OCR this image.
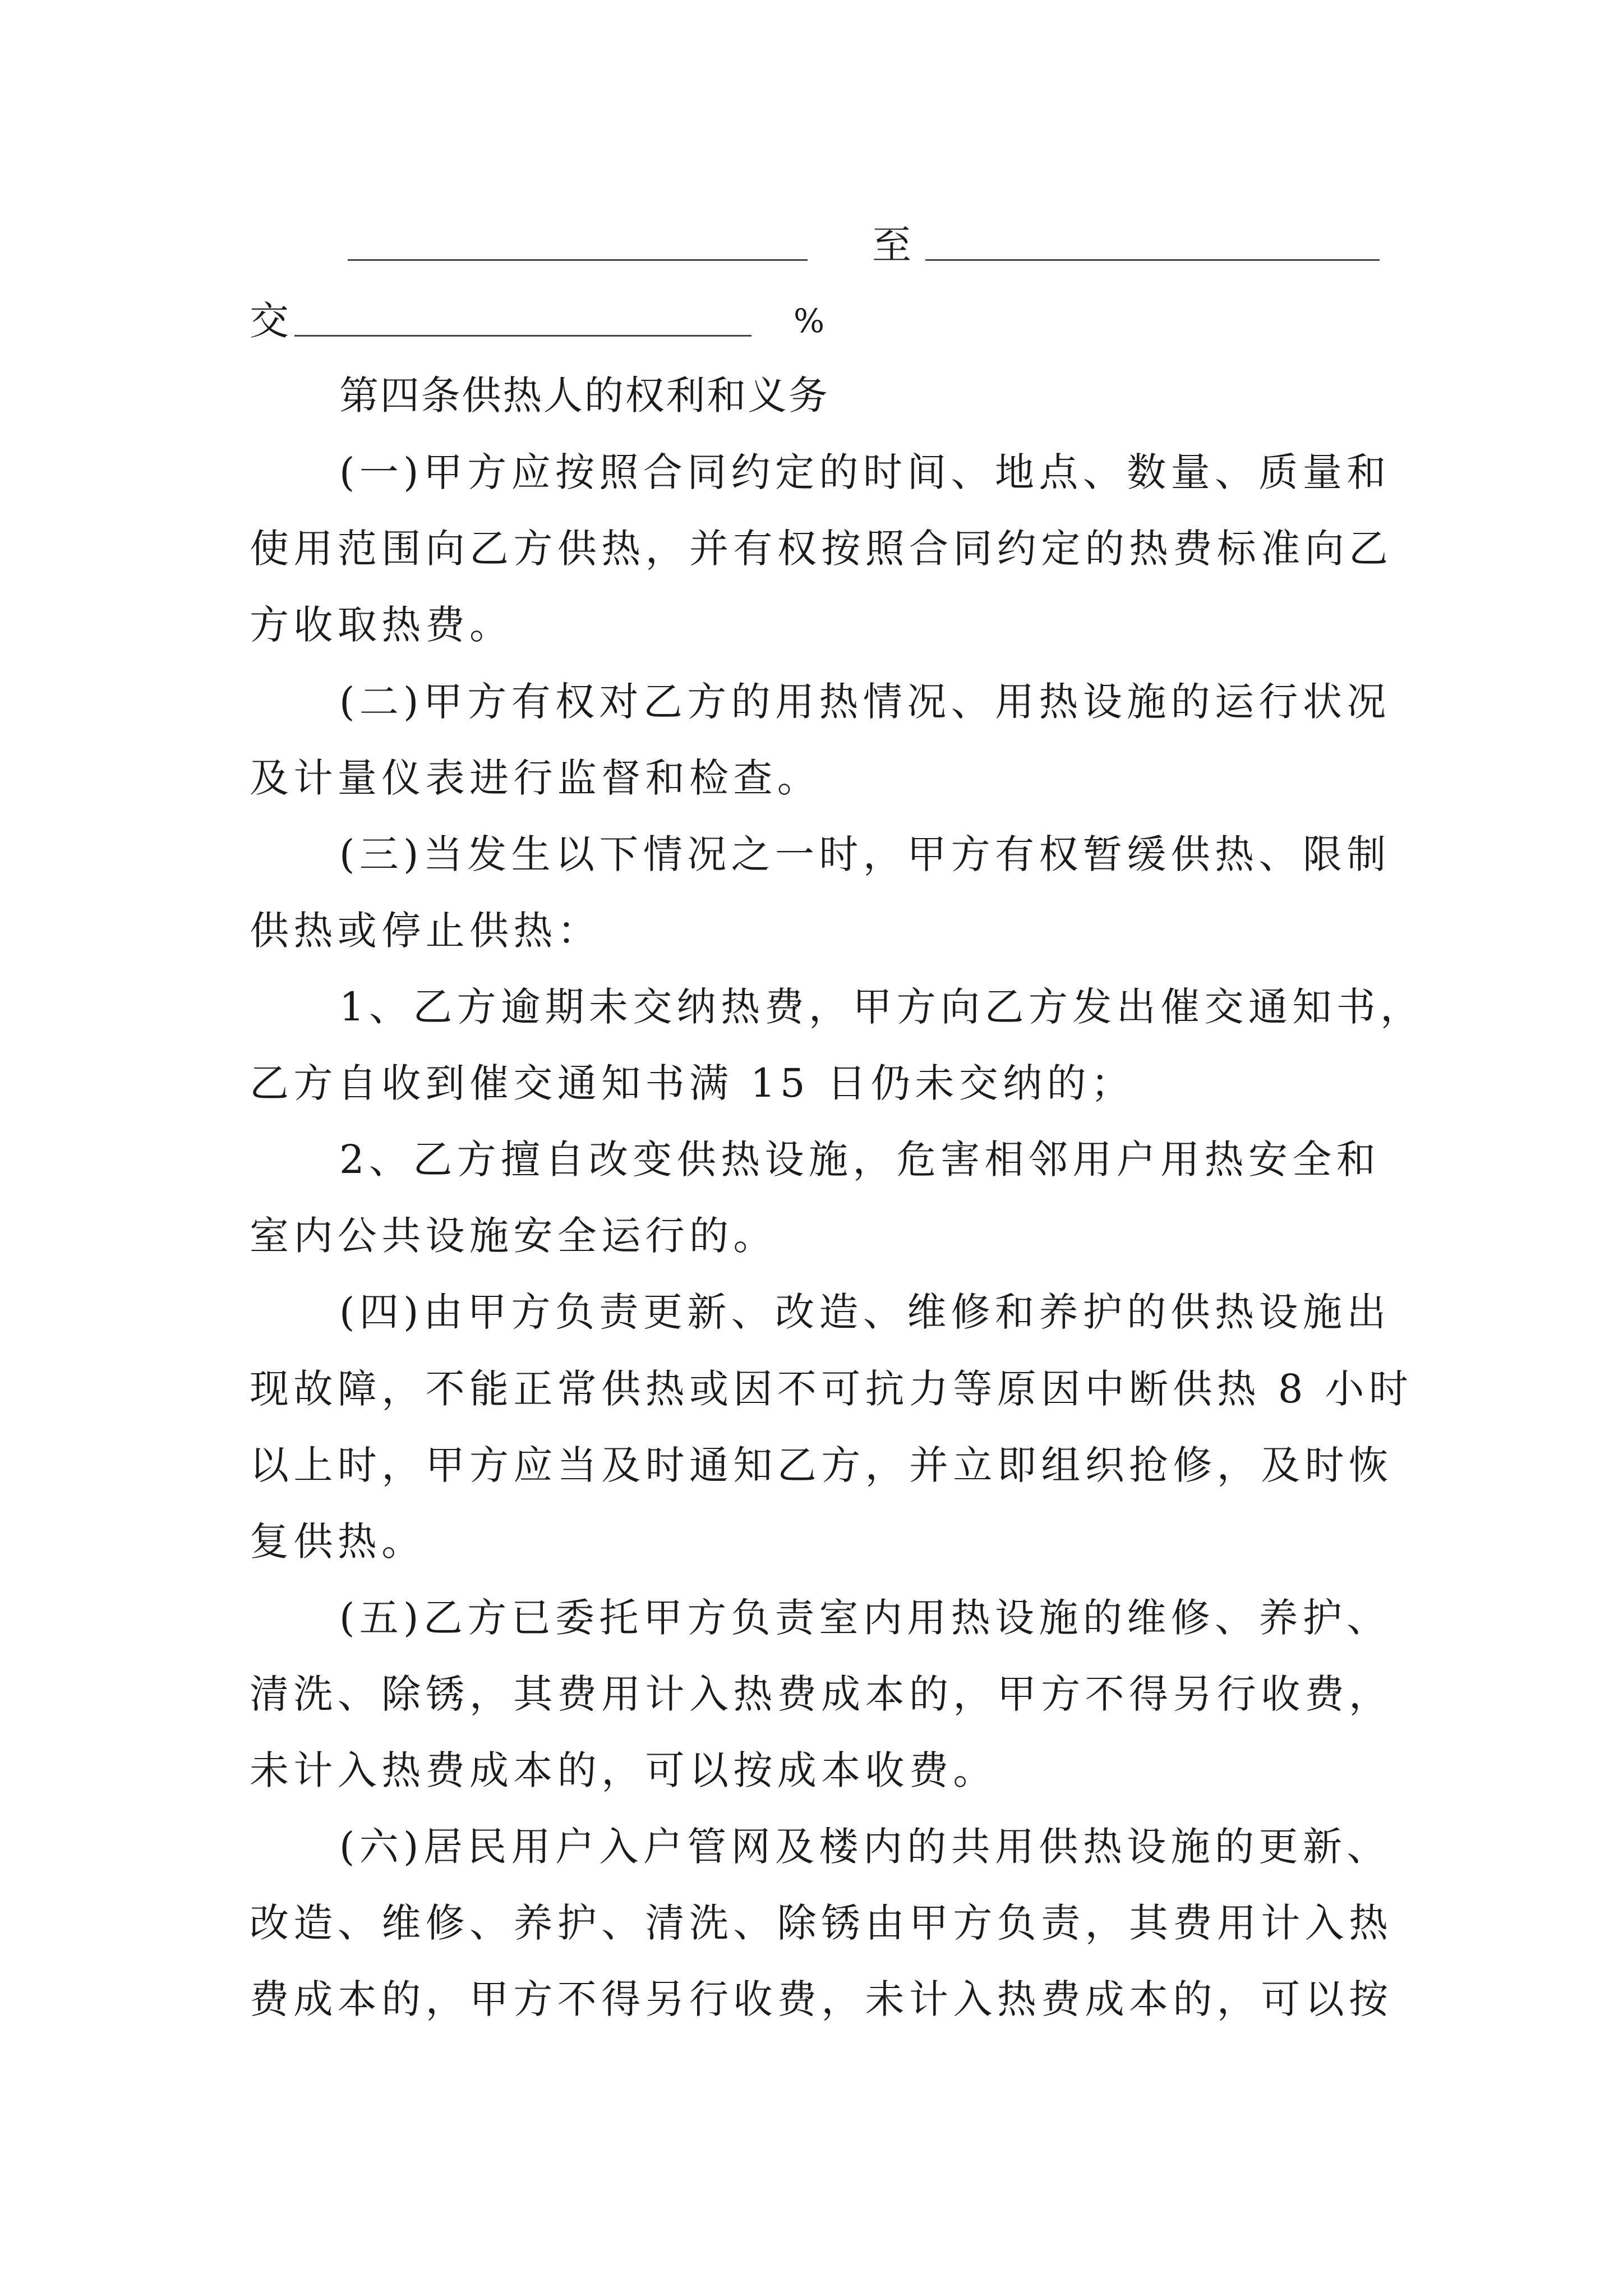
至
交	%
第四条供热人的权利和义务
(一)甲方应按照合同约定的时间、地点、数量、质量和
使用范围向乙方供热，并有权按照合同约定的热费标准向乙
方收取热费。
(二)甲方有权对乙方的用热情况、用热设施的运行状况
及计量仪表进行监督和检查。
(三)当发生以下情况之一时，甲方有权暂缓供热、限制
供热或停止供热：
1、乙方逾期未交纳热费，甲方向乙方发出催交通知书，
乙方自收到催交通知书满 15 日仍未交纳的；
2、乙方擅自改变供热设施，危害相邻用户用热安全和
室内公共设施安全运行的。
(四)由甲方负责更新、改造、维修和养护的供热设施出
现故障，不能正常供热或因不可抗力等原因中断供热 8 小时
以上时，甲方应当及时通知乙方，并立即组织抢修，及时恢
复供热。
(五)乙方已委托甲方负责室内用热设施的维修、养护、
清洗、除锈，其费用计入热费成本的，甲方不得另行收费，
未计入热费成本的，可以按成本收费。
(六)居民用户入户管网及楼内的共用供热设施的更新、
改造、维修、养护、清洗、除锈由甲方负责，其费用计入热
费成本的，甲方不得另行收费，未计入热费成本的，可以按
